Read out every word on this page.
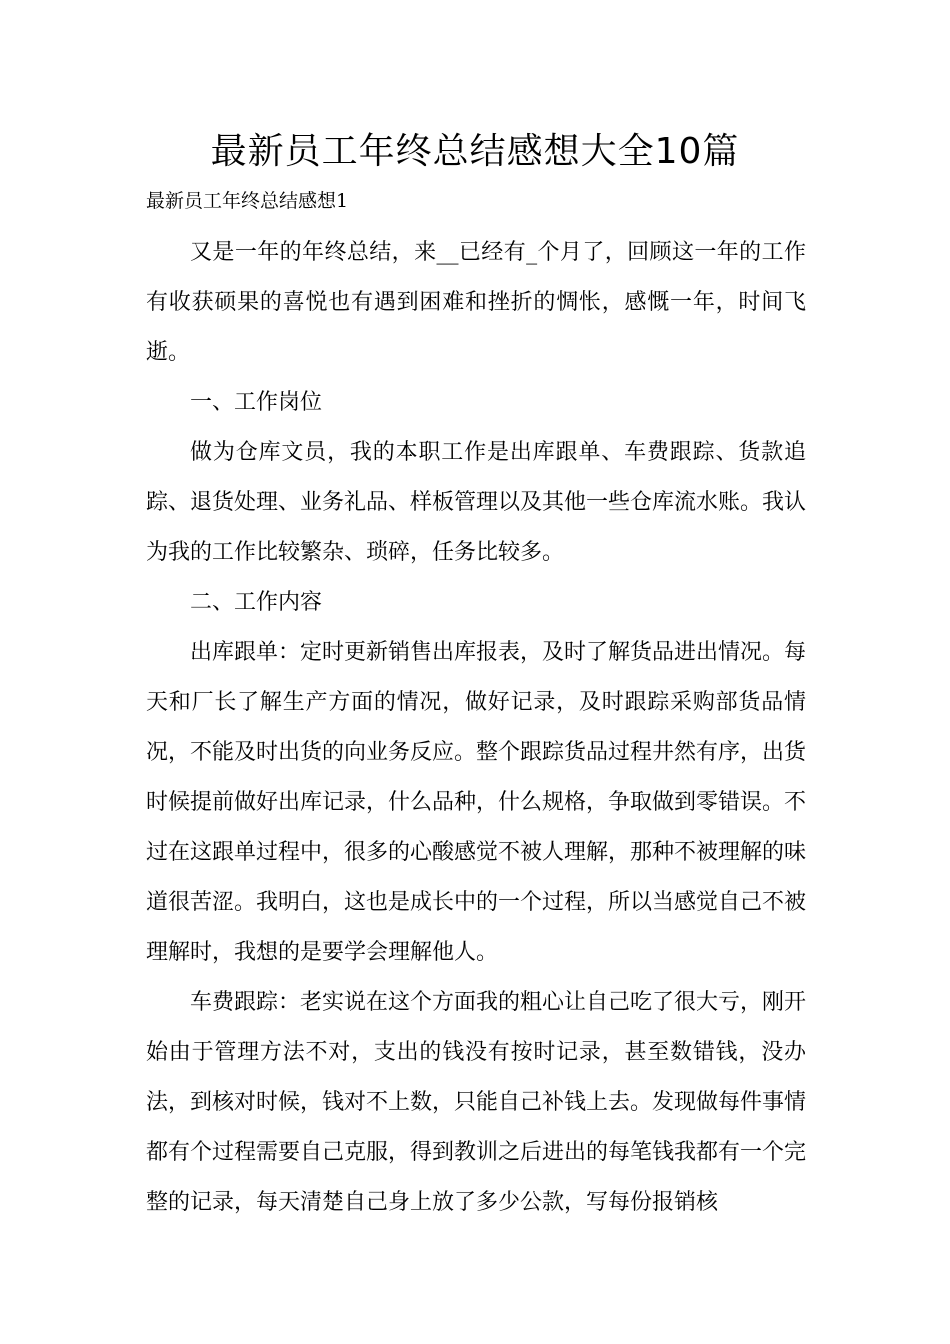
最新员工年终总结感想大全10篇

最新员工年终总结感想1

又是一年的年终总结，来__已经有_个月了，回顾这一年的工作有收获硕果的喜悦也有遇到困难和挫折的惆怅，感慨一年，时间飞逝。

一、工作岗位

做为仓库文员，我的本职工作是出库跟单、车费跟踪、货款追踪、退货处理、业务礼品、样板管理以及其他一些仓库流水账。我认为我的工作比较繁杂、琐碎，任务比较多。

二、工作内容

出库跟单：定时更新销售出库报表，及时了解货品进出情况。每天和厂长了解生产方面的情况，做好记录，及时跟踪采购部货品情况，不能及时出货的向业务反应。整个跟踪货品过程井然有序，出货时候提前做好出库记录，什么品种，什么规格，争取做到零错误。不过在这跟单过程中，很多的心酸感觉不被人理解，那种不被理解的味道很苦涩。我明白，这也是成长中的一个过程，所以当感觉自己不被理解时，我想的是要学会理解他人。

车费跟踪：老实说在这个方面我的粗心让自己吃了很大亏，刚开始由于管理方法不对，支出的钱没有按时记录，甚至数错钱，没办法，到核对时候，钱对不上数，只能自己补钱上去。发现做每件事情都有个过程需要自己克服，得到教训之后进出的每笔钱我都有一个完整的记录，每天清楚自己身上放了多少公款，写每份报销核
